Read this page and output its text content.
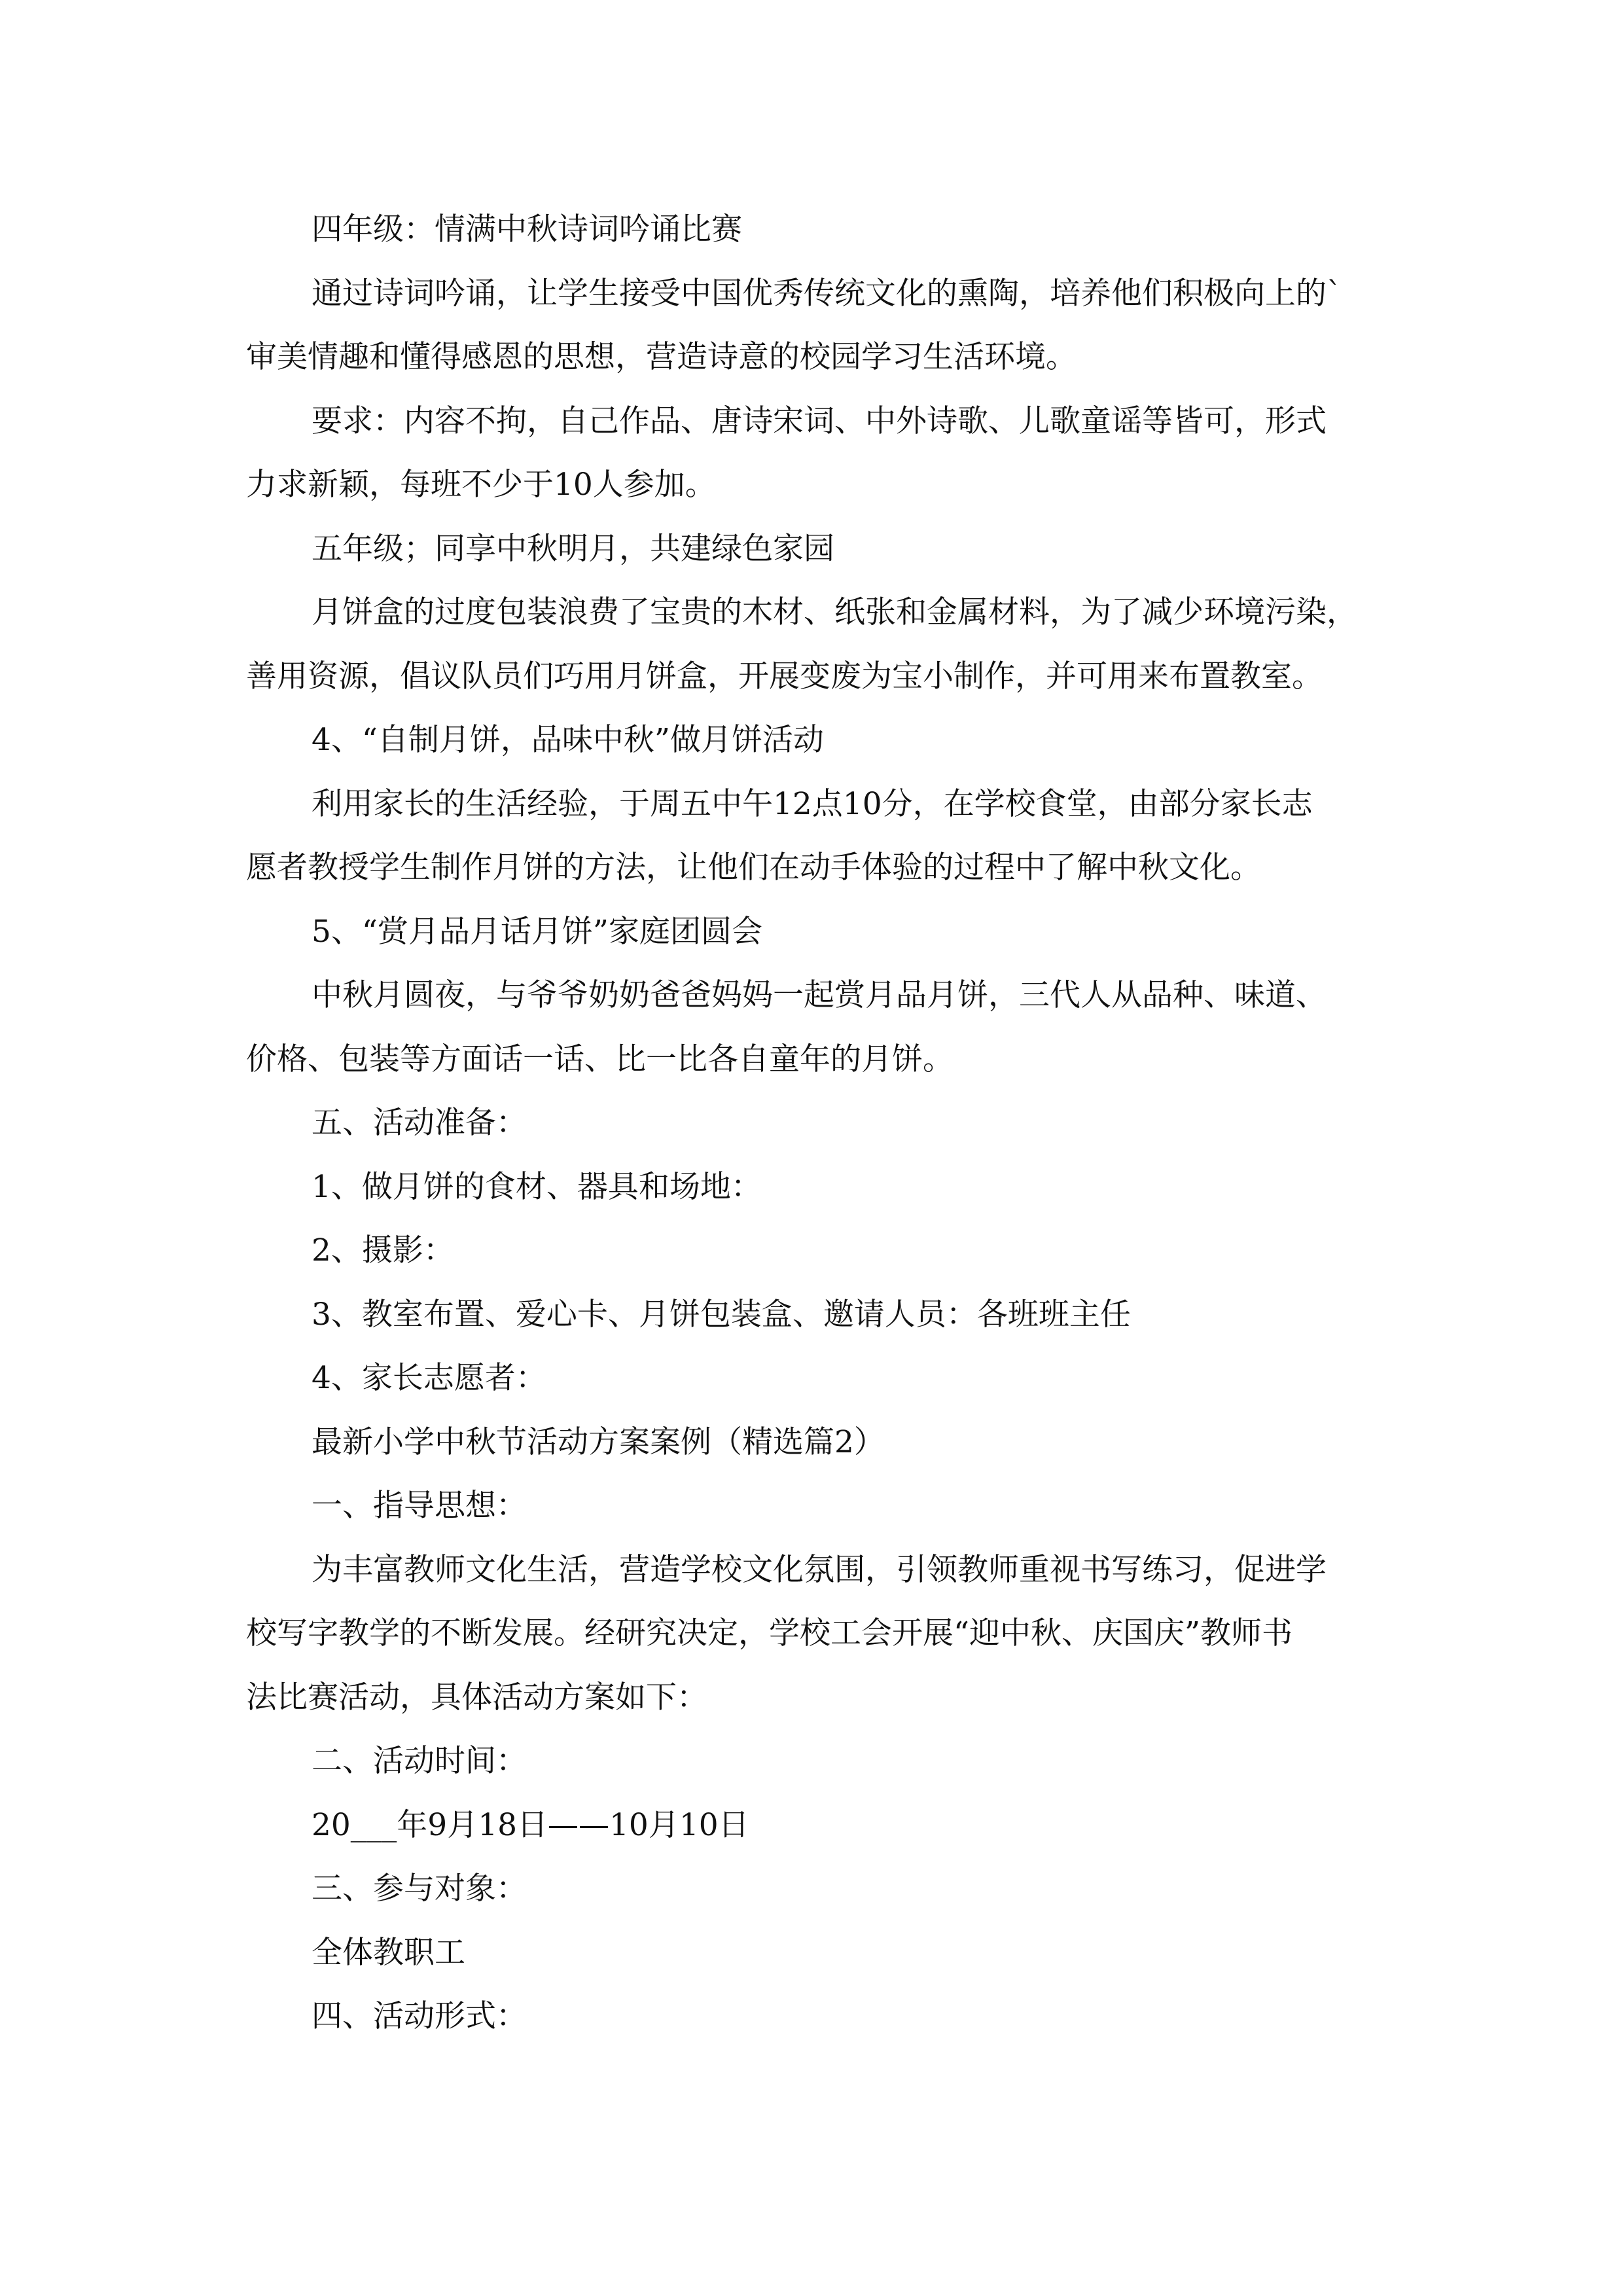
四年级：情满中秋诗词吟诵比赛
通过诗词吟诵，让学生接受中国优秀传统文化的熏陶，培养他们积极向上的`
审美情趣和懂得感恩的思想，营造诗意的校园学习生活环境。
要求：内容不拘，自己作品、唐诗宋词、中外诗歌、儿歌童谣等皆可，形式
力求新颖，每班不少于10人参加。
五年级；同享中秋明月，共建绿色家园
月饼盒的过度包装浪费了宝贵的木材、纸张和金属材料，为了减少环境污染，
善用资源，倡议队员们巧用月饼盒，开展变废为宝小制作，并可用来布置教室。
4、“自制月饼，品味中秋”做月饼活动
利用家长的生活经验，于周五中午12点10分，在学校食堂，由部分家长志
愿者教授学生制作月饼的方法，让他们在动手体验的过程中了解中秋文化。
5、“赏月品月话月饼”家庭团圆会
中秋月圆夜，与爷爷奶奶爸爸妈妈一起赏月品月饼，三代人从品种、味道、
价格、包装等方面话一话、比一比各自童年的月饼。
五、活动准备：
1、做月饼的食材、器具和场地：
2、摄影：
3、教室布置、爱心卡、月饼包装盒、邀请人员：各班班主任
4、家长志愿者：
最新小学中秋节活动方案案例（精选篇2）
一、指导思想：
为丰富教师文化生活，营造学校文化氛围，引领教师重视书写练习，促进学
校写字教学的不断发展。经研究决定，学校工会开展“迎中秋、庆国庆”教师书
法比赛活动，具体活动方案如下：
二、活动时间：
20___年9月18日——10月10日
三、参与对象：
全体教职工
四、活动形式：
